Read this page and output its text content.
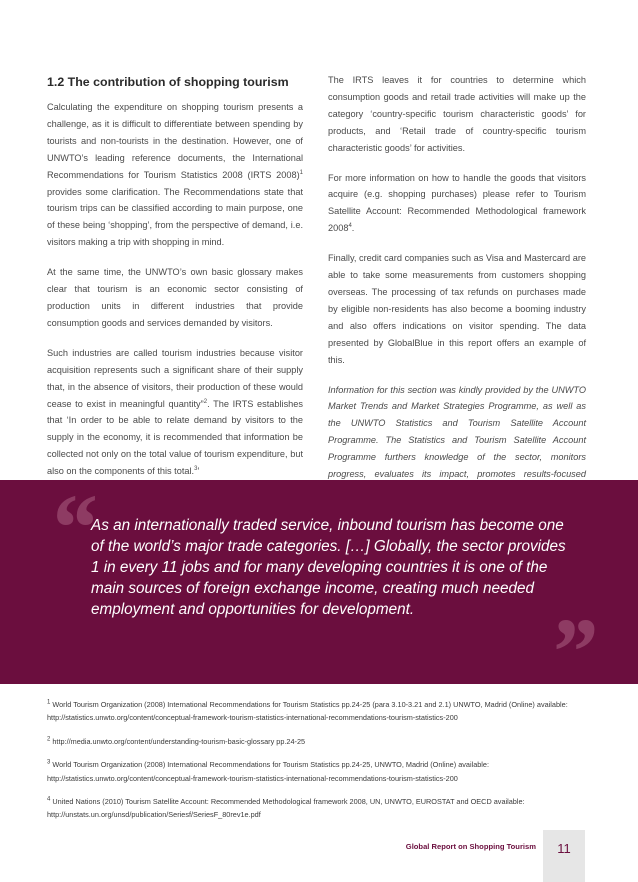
1.2 The contribution of shopping tourism

Calculating the expenditure on shopping tourism presents a challenge, as it is difficult to differentiate between spending by tourists and non-tourists in the destination. However, one of UNWTO’s leading reference documents, the International Recommendations for Tourism Statistics 2008 (IRTS 2008)$^1$ provides some clarification. The Recommendations state that tourism trips can be classified according to main purpose, one of these being ‘shopping’, from the perspective of demand, i.e. visitors making a trip with shopping in mind.

At the same time, the UNWTO’s own basic glossary makes clear that tourism is an economic sector consisting of production units in different industries that provide consumption goods and services demanded by visitors.

Such industries are called tourism industries because visitor acquisition represents such a significant share of their supply that, in the absence of visitors, their production of these would cease to exist in meaningful quantity”$^2$. The IRTS establishes that ‘In order to be able to relate demand by visitors to the supply in the economy, it is recommended that information be collected not only on the total value of tourism expenditure, but also on the components of this total.$^3$’

The IRTS leaves it for countries to determine which consumption goods and retail trade activities will make up the category ‘country-specific tourism characteristic goods’ for products, and ‘Retail trade of country-specific tourism characteristic goods’ for activities.

For more information on how to handle the goods that visitors acquire (e.g. shopping purchases) please refer to Tourism Satellite Account: Recommended Methodological framework 2008$^4$.

Finally, credit card companies such as Visa and Mastercard are able to take some measurements from customers shopping overseas. The processing of tax refunds on purchases made by eligible non-residents has also become a booming industry and also offers indications on visitor spending. The data presented by GlobalBlue in this report offers an example of this.

Information for this section was kindly provided by the UNWTO Market Trends and Market Strategies Programme, as well as the UNWTO Statistics and Tourism Satellite Account Programme. The Statistics and Tourism Satellite Account Programme furthers knowledge of the sector, monitors progress, evaluates its impact, promotes results-focused

“
As an internationally traded service, inbound tourism has become one of the world’s major trade categories. […] Globally, the sector provides 1 in every 11 jobs and for many developing countries it is one of the main sources of foreign exchange income, creating much needed employment and opportunities for development.	”

$^1$ World Tourism Organization (2008) International Recommendations for Tourism Statistics pp.24-25 (para 3.10-3.21 and 2.1) UNWTO, Madrid (Online) available: http://statistics.unwto.org/content/conceptual-framework-tourism-statistics-international-recommendations-tourism-statistics-200

$^2$ http://media.unwto.org/content/understanding-tourism-basic-glossary pp.24-25

$^3$ World Tourism Organization (2008) International Recommendations for Tourism Statistics pp.24-25, UNWTO, Madrid (Online) available: http://statistics.unwto.org/content/conceptual-framework-tourism-statistics-international-recommendations-tourism-statistics-200

$^4$ United Nations (2010) Tourism Satellite Account: Recommended Methodological framework 2008, UN, UNWTO, EUROSTAT and OECD available: http://unstats.un.org/unsd/publication/Seriesf/SeriesF_80rev1e.pdf

Global Report on Shopping Tourism	11
